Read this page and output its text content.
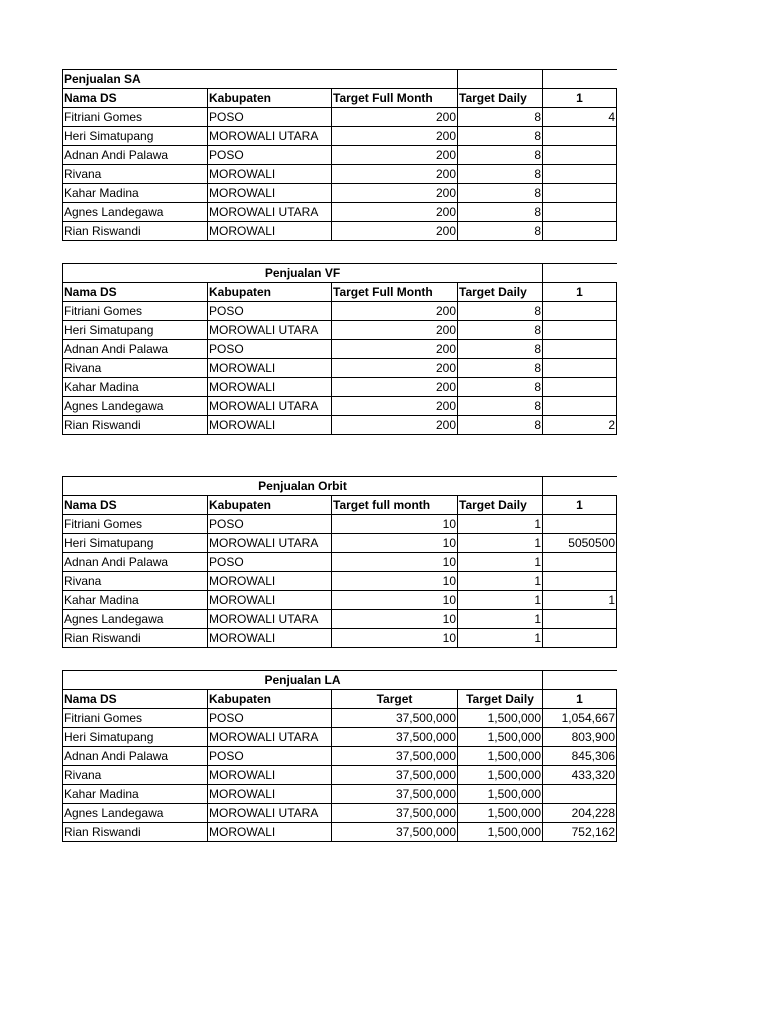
Penjualan SA				
Nama DS	Kabupaten	Target Full Month	Target Daily	1
Fitriani Gomes	POSO	200	8	4
Heri Simatupang	MOROWALI UTARA	200	8	
Adnan Andi Palawa	POSO	200	8	
Rivana	MOROWALI	200	8	
Kahar Madina	MOROWALI	200	8	
Agnes Landegawa	MOROWALI UTARA	200	8	
Rian Riswandi	MOROWALI	200	8	
Penjualan VF				
Nama DS	Kabupaten	Target Full Month	Target Daily	1
Fitriani Gomes	POSO	200	8	
Heri Simatupang	MOROWALI UTARA	200	8	
Adnan Andi Palawa	POSO	200	8	
Rivana	MOROWALI	200	8	
Kahar Madina	MOROWALI	200	8	
Agnes Landegawa	MOROWALI UTARA	200	8	
Rian Riswandi	MOROWALI	200	8	2
Penjualan Orbit				
Nama DS	Kabupaten	Target full month	Target Daily	1
Fitriani Gomes	POSO	10	1	
Heri Simatupang	MOROWALI UTARA	10	1	5050500
Adnan Andi Palawa	POSO	10	1	
Rivana	MOROWALI	10	1	
Kahar Madina	MOROWALI	10	1	1
Agnes Landegawa	MOROWALI UTARA	10	1	
Rian Riswandi	MOROWALI	10	1	
Penjualan LA				
Nama DS	Kabupaten	Target	Target Daily	1
Fitriani Gomes	POSO	37,500,000	1,500,000	1,054,667
Heri Simatupang	MOROWALI UTARA	37,500,000	1,500,000	803,900
Adnan Andi Palawa	POSO	37,500,000	1,500,000	845,306
Rivana	MOROWALI	37,500,000	1,500,000	433,320
Kahar Madina	MOROWALI	37,500,000	1,500,000	
Agnes Landegawa	MOROWALI UTARA	37,500,000	1,500,000	204,228
Rian Riswandi	MOROWALI	37,500,000	1,500,000	752,162
